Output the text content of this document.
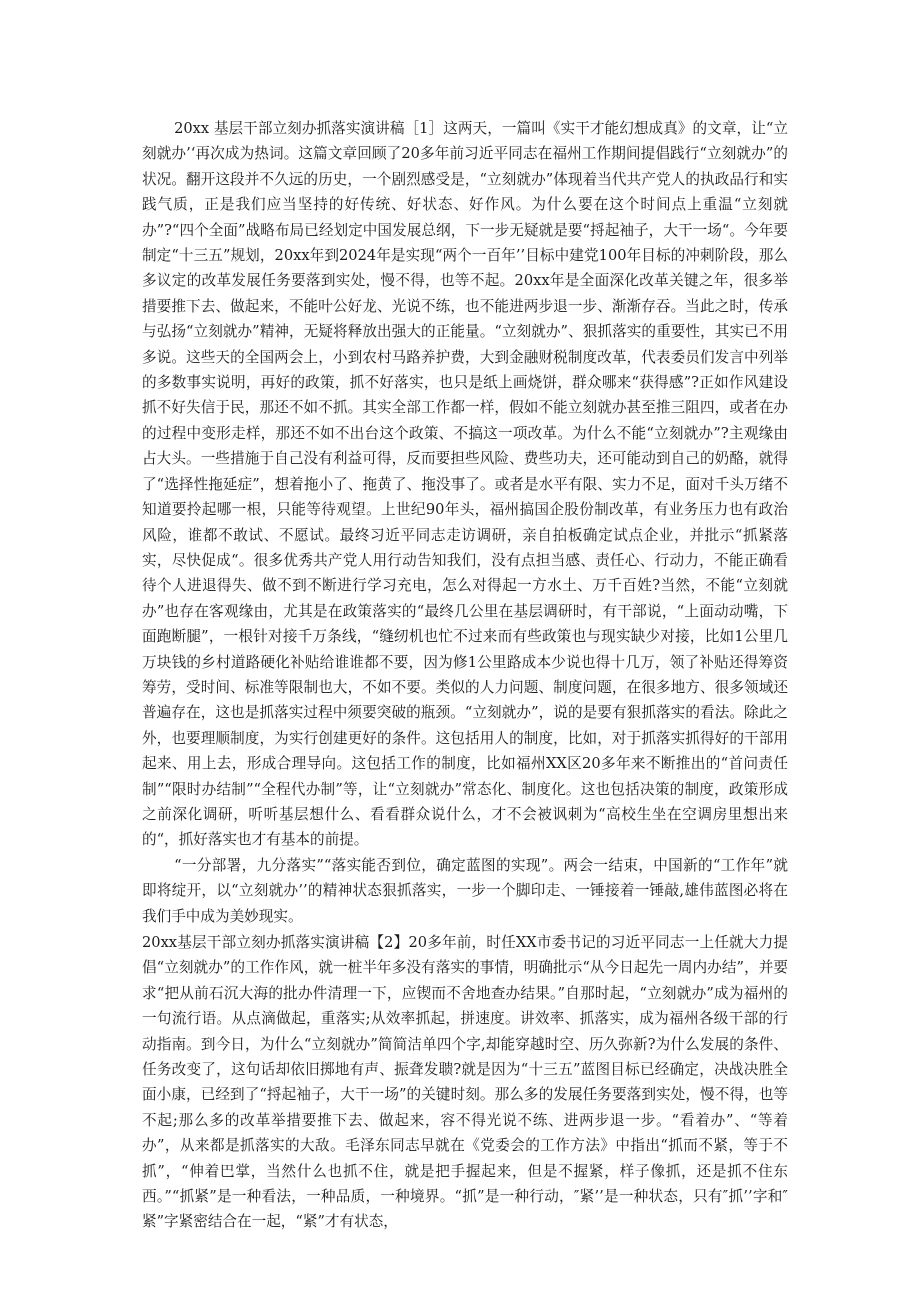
20xx 基层干部立刻办抓落实演讲稿［1］这两天，一篇叫《实干才能幻想成真》的文章，让“立刻就办’‘再次成为热词。这篇文章回顾了20多年前习近平同志在福州工作期间提倡践行“立刻就办”的状况。翻开这段并不久远的历史，一个剧烈感受是，“立刻就办”体现着当代共产党人的执政品行和实践气质，正是我们应当坚持的好传统、好状态、好作风。为什么要在这个时间点上重温“立刻就办”?“四个全面”战略布局已经划定中国发展总纲，下一步无疑就是要“捋起袖子，大干一场“。今年要制定“十三五”规划，20xx年到2024年是实现“两个一百年’’目标中建党100年目标的冲刺阶段，那么多议定的改革发展任务要落到实处，慢不得，也等不起。20xx年是全面深化改革关键之年，很多举措要推下去、做起来，不能叶公好龙、光说不练，也不能进两步退一步、渐渐存吞。当此之时，传承与弘扬“立刻就办”精神，无疑将释放出强大的正能量。“立刻就办”、狠抓落实的重要性，其实已不用多说。这些天的全国两会上，小到农村马路养护费，大到金融财税制度改革，代表委员们发言中列举的多数事实说明，再好的政策，抓不好落实，也只是纸上画烧饼，群众哪来“获得感”?正如作风建设抓不好失信于民，那还不如不抓。其实全部工作都一样，假如不能立刻就办甚至推三阻四，或者在办的过程中变形走样，那还不如不出台这个政策、不搞这一项改革。为什么不能“立刻就办”?主观缘由占大头。一些措施于自己没有利益可得，反而要担些风险、费些功夫，还可能动到自己的奶酪，就得了“选择性拖延症”，想着拖小了、拖黄了、拖没事了。或者是水平有限、实力不足，面对千头万绪不知道要拎起哪一根，只能等待观望。上世纪90年头，福州搞国企股份制改革，有业务压力也有政治风险，谁都不敢试、不愿试。最终习近平同志走访调研，亲自拍板确定试点企业，并批示“抓紧落实，尽快促成“。很多优秀共产党人用行动告知我们，没有点担当感、责任心、行动力，不能正确看待个人进退得失、做不到不断进行学习充电，怎么对得起一方水土、万千百姓?当然，不能“立刻就办”也存在客观缘由，尤其是在政策落实的“最终几公里在基层调研时，有干部说，“上面动动嘴，下面跑断腿”，一根针对接千万条线，“缝纫机也忙不过来而有些政策也与现实缺少对接，比如1公里几万块钱的乡村道路硬化补贴给谁谁都不要，因为修1公里路成本少说也得十几万，领了补贴还得筹资筹劳，受时间、标准等限制也大，不如不要。类似的人力问题、制度问题，在很多地方、很多领域还普遍存在，这也是抓落实过程中须要突破的瓶颈。“立刻就办”，说的是要有狠抓落实的看法。除此之外，也要理顺制度，为实行创建更好的条件。这包括用人的制度，比如，对于抓落实抓得好的干部用起来、用上去，形成合理导向。这包括工作的制度，比如福州XX区20多年来不断推出的“首问责任制”“限时办结制”“全程代办制”等，让“立刻就办”常态化、制度化。这也包括决策的制度，政策形成之前深化调研，听听基层想什么、看看群众说什么，才不会被讽刺为“高校生坐在空调房里想出来的“，抓好落实也才有基本的前提。

“一分部署，九分落实”“落实能否到位，确定蓝图的实现”。两会一结束，中国新的“工作年”就即将绽开，以“立刻就办’’的精神状态狠抓落实，一步一个脚印走、一锤接着一锤敲,雄伟蓝图必将在我们手中成为美妙现实。

20xx基层干部立刻办抓落实演讲稿【2】20多年前，时任XX市委书记的习近平同志一上任就大力提倡“立刻就办”的工作作风，就一桩半年多没有落实的事情，明确批示“从今日起先一周内办结”，并要求“把从前石沉大海的批办件清理一下，应锲而不舍地查办结果。”自那时起，“立刻就办”成为福州的一句流行语。从点滴做起，重落实;从效率抓起，拼速度。讲效率、抓落实，成为福州各级干部的行动指南。到今日，为什么“立刻就办”简简洁单四个字,却能穿越时空、历久弥新?为什么发展的条件、任务改变了，这句话却依旧掷地有声、振聋发聩?就是因为“十三五”蓝图目标已经确定，决战决胜全面小康，已经到了“捋起袖子，大干一场”的关键时刻。那么多的发展任务要落到实处，慢不得，也等不起;那么多的改革举措要推下去、做起来，容不得光说不练、进两步退一步。“看着办”、“等着办”，从来都是抓落实的大敌。毛泽东同志早就在《党委会的工作方法》中指出“抓而不紧，等于不抓”，“伸着巴掌，当然什么也抓不住，就是把手握起来，但是不握紧，样子像抓，还是抓不住东西。”“抓紧”是一种看法，一种品质，一种境界。“抓”是一种行动，″紧’’是一种状态，只有″抓’’字和″紧”字紧密结合在一起，“紧”才有状态，
